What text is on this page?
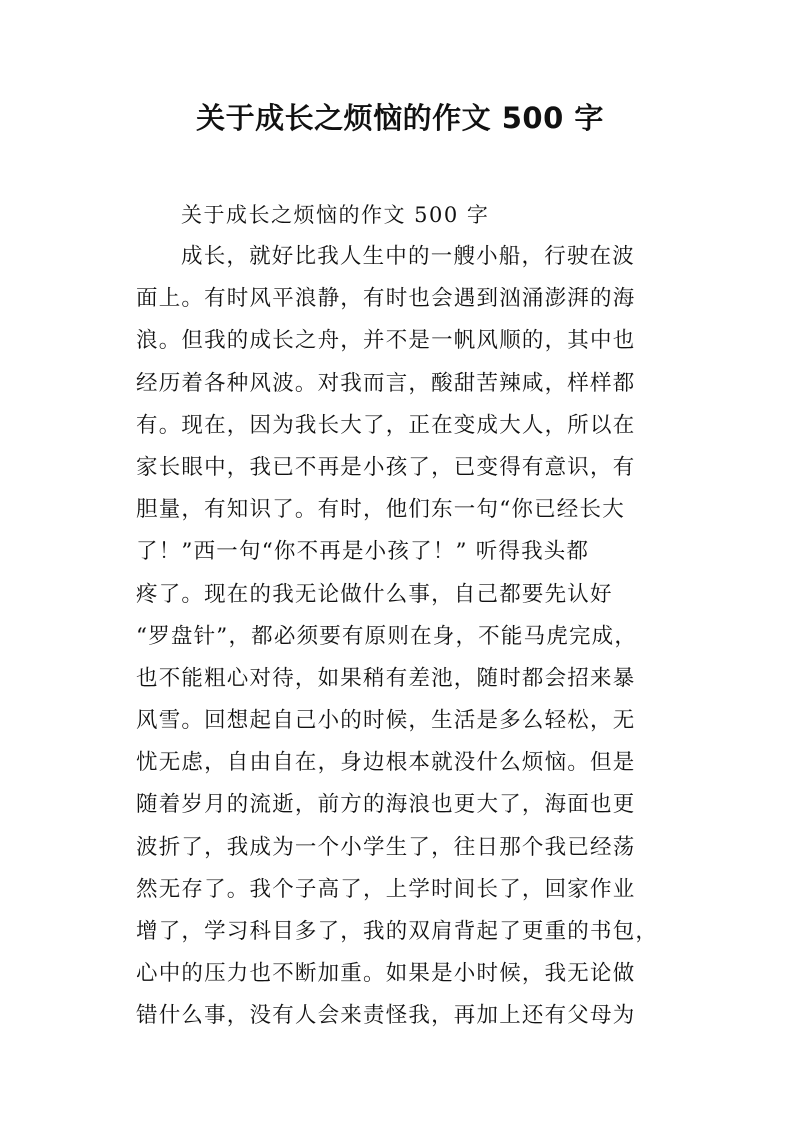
关于成长之烦恼的作文 500 字
关于成长之烦恼的作文 500 字
成长，就好比我人生中的一艘小船，行驶在波
面上。有时风平浪静，有时也会遇到汹涌澎湃的海
浪。但我的成长之舟，并不是一帆风顺的，其中也
经历着各种风波。对我而言，酸甜苦辣咸，样样都
有。现在，因为我长大了，正在变成大人，所以在
家长眼中，我已不再是小孩了，已变得有意识，有
胆量，有知识了。有时，他们东一句“你已经长大
了！”西一句“你不再是小孩了！” 听得我头都
疼了。现在的我无论做什么事，自己都要先认好
“罗盘针”，都必须要有原则在身，不能马虎完成，
也不能粗心对待，如果稍有差池，随时都会招来暴
风雪。回想起自己小的时候，生活是多么轻松，无
忧无虑，自由自在，身边根本就没什么烦恼。但是
随着岁月的流逝，前方的海浪也更大了，海面也更
波折了，我成为一个小学生了，往日那个我已经荡
然无存了。我个子高了，上学时间长了，回家作业
增了，学习科目多了，我的双肩背起了更重的书包，
心中的压力也不断加重。如果是小时候，我无论做
错什么事，没有人会来责怪我，再加上还有父母为
